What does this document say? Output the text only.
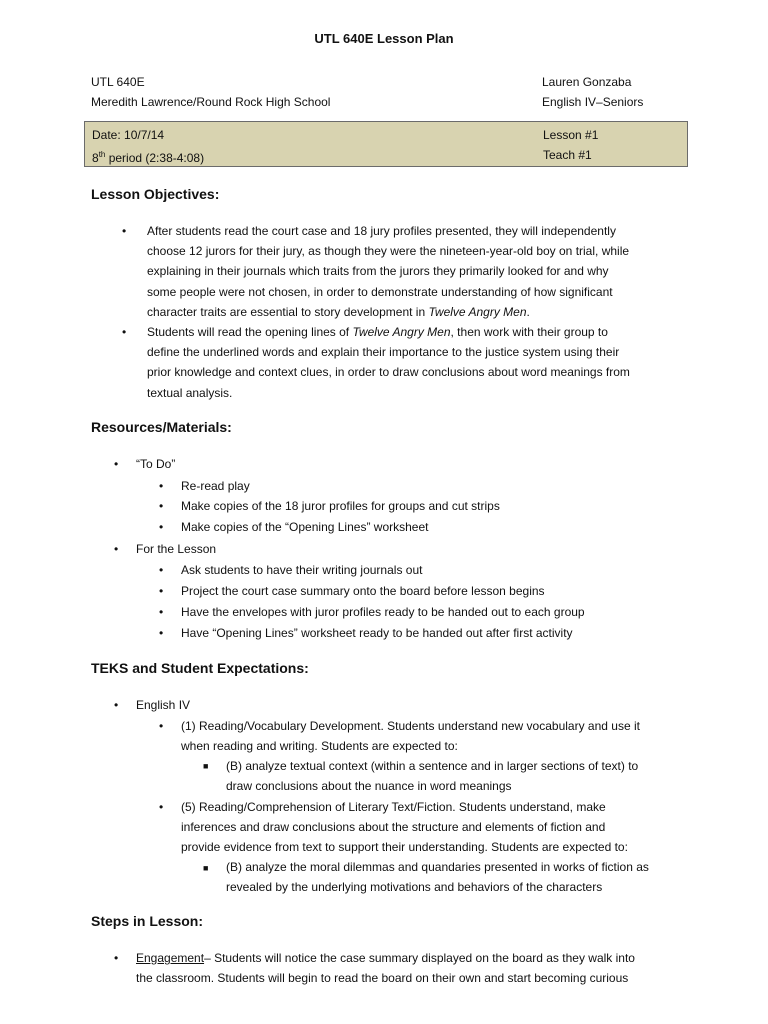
UTL 640E Lesson Plan
UTL 640E
Meredith Lawrence/Round Rock High School
Lauren Gonzaba
English IV–Seniors
Date: 10/7/14
8th period (2:38-4:08)
Lesson #1
Teach #1
Lesson Objectives:
• After students read the court case and 18 jury profiles presented, they will independently
choose 12 jurors for their jury, as though they were the nineteen-year-old boy on trial, while
explaining in their journals which traits from the jurors they primarily looked for and why
some people were not chosen, in order to demonstrate understanding of how significant
character traits are essential to story development in Twelve Angry Men.
• Students will read the opening lines of Twelve Angry Men, then work with their group to
define the underlined words and explain their importance to the justice system using their
prior knowledge and context clues, in order to draw conclusions about word meanings from
textual analysis.
Resources/Materials:
• “To Do”
• Re-read play
• Make copies of the 18 juror profiles for groups and cut strips
• Make copies of the “Opening Lines” worksheet
• For the Lesson
• Ask students to have their writing journals out
• Project the court case summary onto the board before lesson begins
• Have the envelopes with juror profiles ready to be handed out to each group
• Have “Opening Lines” worksheet ready to be handed out after first activity
TEKS and Student Expectations:
• English IV
• (1) Reading/Vocabulary Development. Students understand new vocabulary and use it
when reading and writing. Students are expected to:
■ (B) analyze textual context (within a sentence and in larger sections of text) to
draw conclusions about the nuance in word meanings
• (5) Reading/Comprehension of Literary Text/Fiction. Students understand, make
inferences and draw conclusions about the structure and elements of fiction and
provide evidence from text to support their understanding. Students are expected to:
■ (B) analyze the moral dilemmas and quandaries presented in works of fiction as
revealed by the underlying motivations and behaviors of the characters
Steps in Lesson:
• Engagement– Students will notice the case summary displayed on the board as they walk into
the classroom. Students will begin to read the board on their own and start becoming curious
